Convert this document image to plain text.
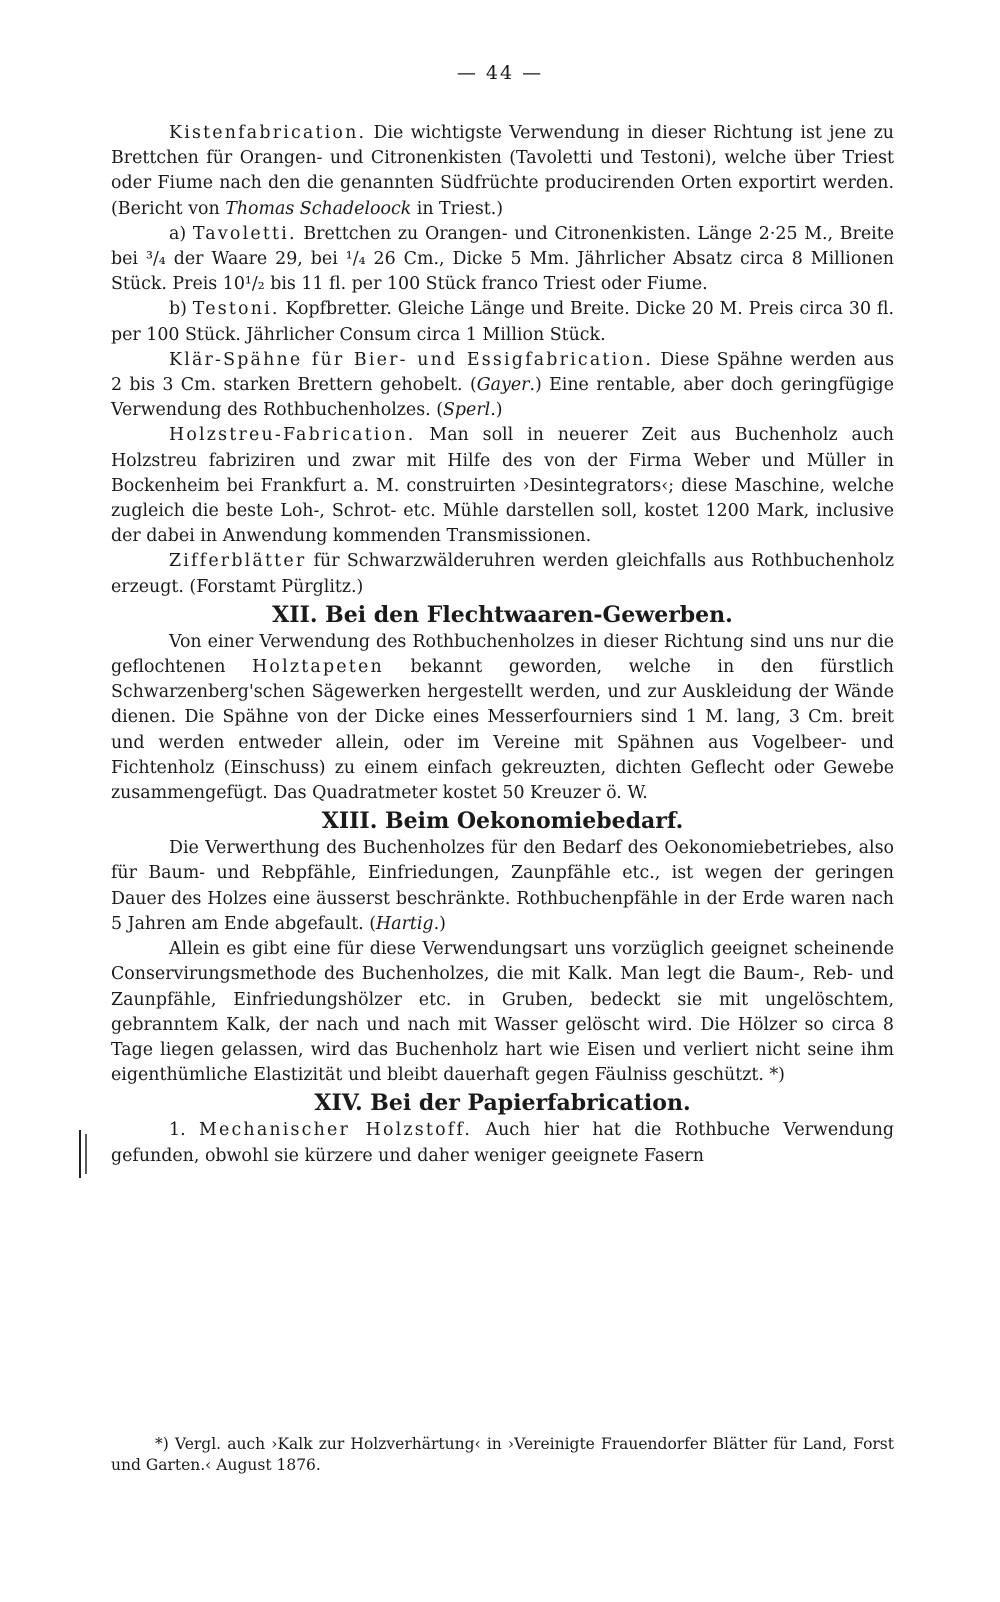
— 44 —

Kistenfabrication. Die wichtigste Verwendung in dieser Richtung ist jene zu Brettchen für Orangen- und Citronenkisten (Tavoletti und Testoni), welche über Triest oder Fiume nach den die genannten Südfrüchte producirenden Orten exportirt werden. (Bericht von Thomas Schadeloock in Triest.)

a) Tavoletti. Brettchen zu Orangen- und Citronenkisten. Länge 2·25 M., Breite bei ³/₄ der Waare 29, bei ¹/₄ 26 Cm., Dicke 5 Mm. Jährlicher Absatz circa 8 Millionen Stück. Preis 10¹/₂ bis 11 fl. per 100 Stück franco Triest oder Fiume.

b) Testoni. Kopfbretter. Gleiche Länge und Breite. Dicke 20 M. Preis circa 30 fl. per 100 Stück. Jährlicher Consum circa 1 Million Stück.

Klär-Spähne für Bier- und Essigfabrication. Diese Spähne werden aus 2 bis 3 Cm. starken Brettern gehobelt. (Gayer.) Eine rentable, aber doch geringfügige Verwendung des Rothbuchenholzes. (Sperl.)

Holzstreu-Fabrication. Man soll in neuerer Zeit aus Buchenholz auch Holzstreu fabriziren und zwar mit Hilfe des von der Firma Weber und Müller in Bockenheim bei Frankfurt a. M. construirten ›Desintegrators‹; diese Maschine, welche zugleich die beste Loh-, Schrot- etc. Mühle darstellen soll, kostet 1200 Mark, inclusive der dabei in Anwendung kommenden Transmissionen.

Zifferblätter für Schwarzwälderuhren werden gleichfalls aus Rothbuchenholz erzeugt. (Forstamt Pürglitz.)

XII. Bei den Flechtwaaren-Gewerben.

Von einer Verwendung des Rothbuchenholzes in dieser Richtung sind uns nur die geflochtenen Holztapeten bekannt geworden, welche in den fürstlich Schwarzenberg'schen Sägewerken hergestellt werden, und zur Auskleidung der Wände dienen. Die Spähne von der Dicke eines Messerfourniers sind 1 M. lang, 3 Cm. breit und werden entweder allein, oder im Vereine mit Spähnen aus Vogelbeer- und Fichtenholz (Einschuss) zu einem einfach gekreuzten, dichten Geflecht oder Gewebe zusammengefügt. Das Quadratmeter kostet 50 Kreuzer ö. W.

XIII. Beim Oekonomiebedarf.

Die Verwerthung des Buchenholzes für den Bedarf des Oekonomiebetriebes, also für Baum- und Rebpfähle, Einfriedungen, Zaunpfähle etc., ist wegen der geringen Dauer des Holzes eine äusserst beschränkte. Rothbuchenpfähle in der Erde waren nach 5 Jahren am Ende abgefault. (Hartig.)

Allein es gibt eine für diese Verwendungsart uns vorzüglich geeignet scheinende Conservirungsmethode des Buchenholzes, die mit Kalk. Man legt die Baum-, Reb- und Zaunpfähle, Einfriedungshölzer etc. in Gruben, bedeckt sie mit ungelöschtem, gebranntem Kalk, der nach und nach mit Wasser gelöscht wird. Die Hölzer so circa 8 Tage liegen gelassen, wird das Buchenholz hart wie Eisen und verliert nicht seine ihm eigenthümliche Elastizität und bleibt dauerhaft gegen Fäulniss geschützt. *)

XIV. Bei der Papierfabrication.

1. Mechanischer Holzstoff. Auch hier hat die Rothbuche Verwendung gefunden, obwohl sie kürzere und daher weniger geeignete Fasern

*) Vergl. auch ›Kalk zur Holzverhärtung‹ in ›Vereinigte Frauendorfer Blätter für Land, Forst und Garten.‹ August 1876.
